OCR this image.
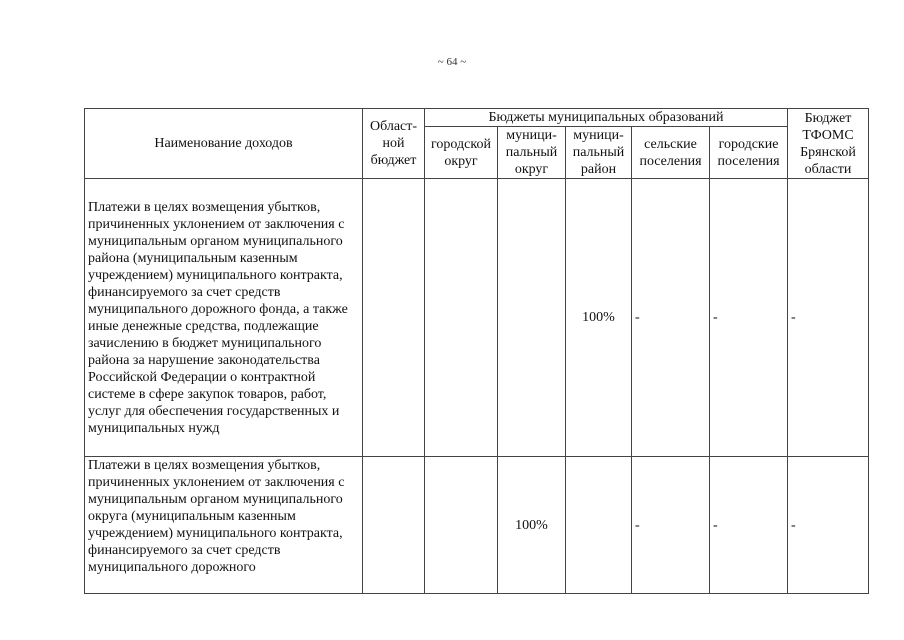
~ 64 ~
Наименование доходов	Област-ной бюджет	Бюджеты муниципальных образований					Бюджет ТФОМС Брянской области
		городской округ	муници-пальный округ	муници-пальный район	сельские поселения	городские поселения	
Платежи в целях возмещения убытков, причиненных уклонением от заключения с муниципальным органом муниципального района (муниципальным казенным учреждением) муниципального контракта, финансируемого за счет средств муниципального дорожного фонда, а также иные денежные средства, подлежащие зачислению в бюджет муниципального района за нарушение законодательства Российской Федерации о контрактной системе в сфере закупок товаров, работ, услуг для обеспечения государственных и муниципальных нужд				100%	-	-	-
Платежи в целях возмещения убытков, причиненных уклонением от заключения с муниципальным органом муниципального округа (муниципальным казенным учреждением) муниципального контракта, финансируемого за счет средств муниципального дорожного			100%		-	-	-
